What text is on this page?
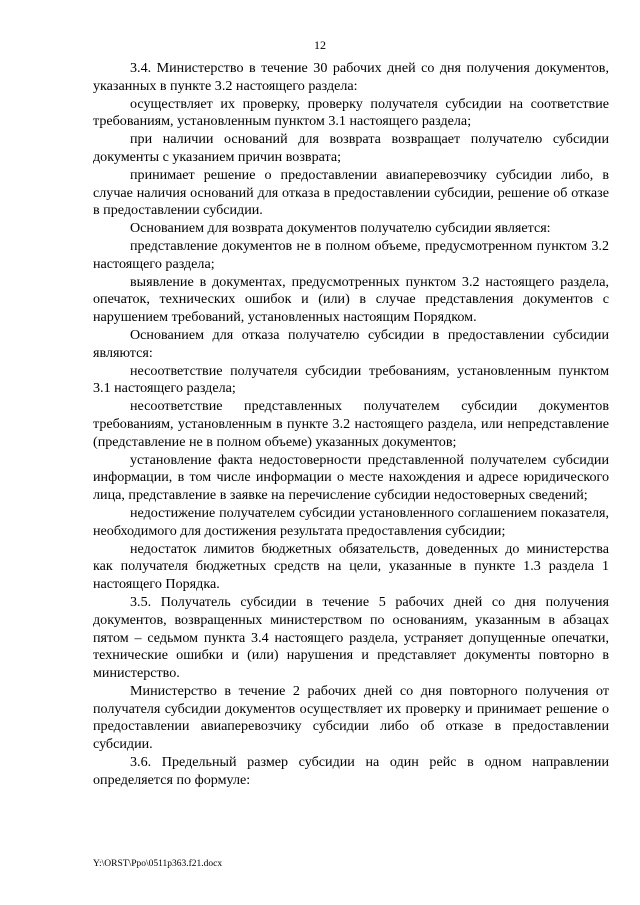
12

3.4. Министерство в течение 30 рабочих дней со дня получения документов, указанных в пункте 3.2 настоящего раздела:

осуществляет их проверку, проверку получателя субсидии на соответствие требованиям, установленным пунктом 3.1 настоящего раздела;

при наличии оснований для возврата возвращает получателю субсидии документы с указанием причин возврата;

принимает решение о предоставлении авиаперевозчику субсидии либо, в случае наличия оснований для отказа в предоставлении субсидии, решение об отказе в предоставлении субсидии.

Основанием для возврата документов получателю субсидии является:

представление документов не в полном объеме, предусмотренном пунктом 3.2 настоящего раздела;

выявление в документах, предусмотренных пунктом 3.2 настоящего раздела, опечаток, технических ошибок и (или) в случае представления документов с нарушением требований, установленных настоящим Порядком.

Основанием для отказа получателю субсидии в предоставлении субсидии являются:

несоответствие получателя субсидии требованиям, установленным пунктом 3.1 настоящего раздела;

несоответствие представленных получателем субсидии документов требованиям, установленным в пункте 3.2 настоящего раздела, или непредставление (представление не в полном объеме) указанных документов;

установление факта недостоверности представленной получателем субсидии информации, в том числе информации о месте нахождения и адресе юридического лица, представление в заявке на перечисление субсидии недостоверных сведений;

недостижение получателем субсидии установленного соглашением показателя, необходимого для достижения результата предоставления субсидии;

недостаток лимитов бюджетных обязательств, доведенных до министерства как получателя бюджетных средств на цели, указанные в пункте 1.3 раздела 1 настоящего Порядка.

3.5. Получатель субсидии в течение 5 рабочих дней со дня получения документов, возвращенных министерством по основаниям, указанным в абзацах пятом – седьмом пункта 3.4 настоящего раздела, устраняет допущенные опечатки, технические ошибки и (или) нарушения и представляет документы повторно в министерство.

Министерство в течение 2 рабочих дней со дня повторного получения от получателя субсидии документов осуществляет их проверку и принимает решение о предоставлении авиаперевозчику субсидии либо об отказе в предоставлении субсидии.

3.6. Предельный размер субсидии на один рейс в одном направлении определяется по формуле:

Y:\ORST\Ppo\0511p363.f21.docx
